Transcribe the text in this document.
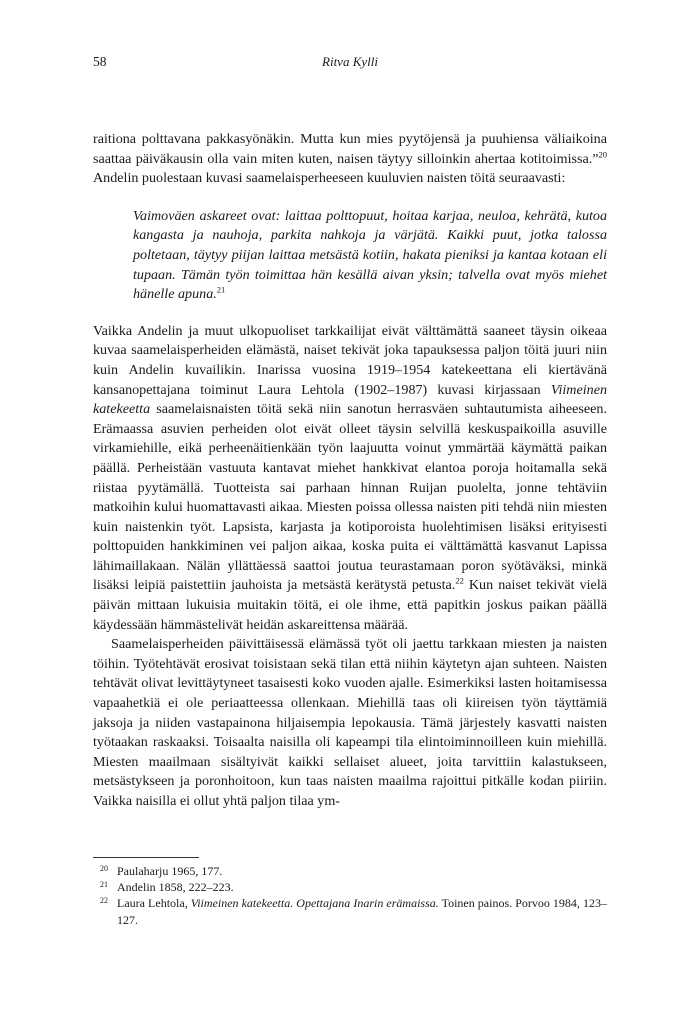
58	Ritva Kylli

raitiona polttavana pakkasyönäkin. Mutta kun mies pyytöjensä ja puuhiensa väliaikoina saattaa päiväkausin olla vain miten kuten, naisen täytyy silloinkin ahertaa kotitoimissa.”$^{20}$ Andelin puolestaan kuvasi saamelaisperheeseen kuuluvien naisten töitä seuraavasti:

Vaimoväen askareet ovat: laittaa polttopuut, hoitaa karjaa, neuloa, kehrätä, kutoa kangasta ja nauhoja, parkita nahkoja ja värjätä. Kaikki puut, jotka talossa poltetaan, täytyy piijan laittaa metsästä kotiin, hakata pieniksi ja kantaa kotaan eli tupaan. Tämän työn toimittaa hän kesällä aivan yksin; talvella ovat myös miehet hänelle apuna.$^{21}$

Vaikka Andelin ja muut ulkopuoliset tarkkailijat eivät välttämättä saaneet täysin oikeaa kuvaa saamelaisperheiden elämästä, naiset tekivät joka tapauksessa paljon töitä juuri niin kuin Andelin kuvailikin. Inarissa vuosina 1919–1954 katekeettana eli kiertävänä kansanopettajana toiminut Laura Lehtola (1902–1987) kuvasi kirjassaan Viimeinen katekeetta saamelaisnaisten töitä sekä niin sanotun herrasväen suhtautumista aiheeseen. Erämaassa asuvien perheiden olot eivät olleet täysin selvillä keskuspaikoilla asuville virkamiehille, eikä perheenäitienkään työn laajuutta voinut ymmärtää käymättä paikan päällä. Perheistään vastuuta kantavat miehet hankkivat elantoa poroja hoitamalla sekä riistaa pyytämällä. Tuotteista sai parhaan hinnan Ruijan puolelta, jonne tehtäviin matkoihin kului huomattavasti aikaa. Miesten poissa ollessa naisten piti tehdä niin miesten kuin naistenkin työt. Lapsista, karjasta ja kotiporoista huolehtimisen lisäksi erityisesti polttopuiden hankkiminen vei paljon aikaa, koska puita ei välttämättä kasvanut Lapissa lähimaillakaan. Nälän yllättäessä saattoi joutua teurastamaan poron syötäväksi, minkä lisäksi leipiä paistettiin jauhoista ja metsästä kerätystä petusta.$^{22}$ Kun naiset tekivät vielä päivän mittaan lukuisia muitakin töitä, ei ole ihme, että papitkin joskus paikan päällä käydessään hämmästelivät heidän askareittensa määrää.

Saamelaisperheiden päivittäisessä elämässä työt oli jaettu tarkkaan miesten ja naisten töihin. Työtehtävät erosivat toisistaan sekä tilan että niihin käytetyn ajan suhteen. Naisten tehtävät olivat levittäytyneet tasaisesti koko vuoden ajalle. Esimerkiksi lasten hoitamisessa vapaahetkiä ei ole periaatteessa ollenkaan. Miehillä taas oli kiireisen työn täyttämiä jaksoja ja niiden vastapainona hiljaisempia lepokausia. Tämä järjestely kasvatti naisten työtaakan raskaaksi. Toisaalta naisilla oli kapeampi tila elintoiminnoilleen kuin miehillä. Miesten maailmaan sisältyivät kaikki sellaiset alueet, joita tarvittiin kalastukseen, metsästykseen ja poronhoitoon, kun taas naisten maailma rajoittui pitkälle kodan piiriin. Vaikka naisilla ei ollut yhtä paljon tilaa ym-

20 Paulaharju 1965, 177.
21 Andelin 1858, 222–223.
22 Laura Lehtola, Viimeinen katekeetta. Opettajana Inarin erämaissa. Toinen painos. Porvoo 1984, 123–127.
